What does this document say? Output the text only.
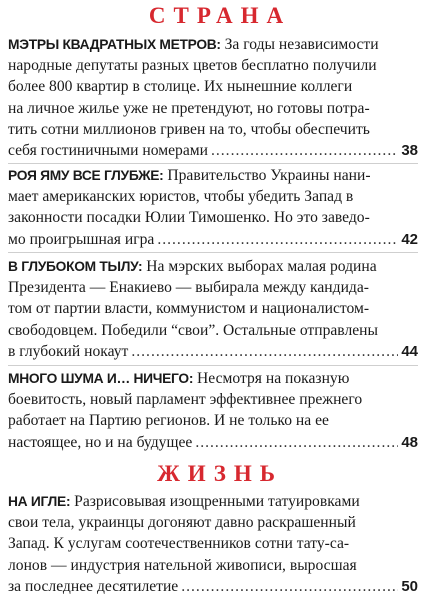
СТРАНА
МЭТРЫ КВАДРАТНЫХ МЕТРОВ: За годы независимости
народные депутаты разных цветов бесплатно получили
более 800 квартир в столице. Их нынешние коллеги
на личное жилье уже не претендуют, но готовы потра-
тить сотни миллионов гривен на то, чтобы обеспечить
себя гостиничными номерами .....	38
РОЯ ЯМУ ВСЕ ГЛУБЖЕ: Правительство Украины нани-
мает американских юристов, чтобы убедить Запад в
законности посадки Юлии Тимошенко. Но это заведо-
мо проигрышная игра .....	42
В ГЛУБОКОМ ТЫЛУ: На мэрских выборах малая родина
Президента — Енакиево — выбирала между кандида-
том от партии власти, коммунистом и националистом-
свободовцем. Победили “свои”. Остальные отправлены
в глубокий нокаут .....	44
МНОГО ШУМА И… НИЧЕГО: Несмотря на показную
боевитость, новый парламент эффективнее прежнего
работает на Партию регионов. И не только на ее
настоящее, но и на будущее .....	48
ЖИЗНЬ
НА ИГЛЕ: Разрисовывая изощренными татуировками
свои тела, украинцы догоняют давно раскрашенный
Запад. К услугам соотечественников сотни тату-са-
лонов — индустрия нательной живописи, выросшая
за последнее десятилетие .....	50
